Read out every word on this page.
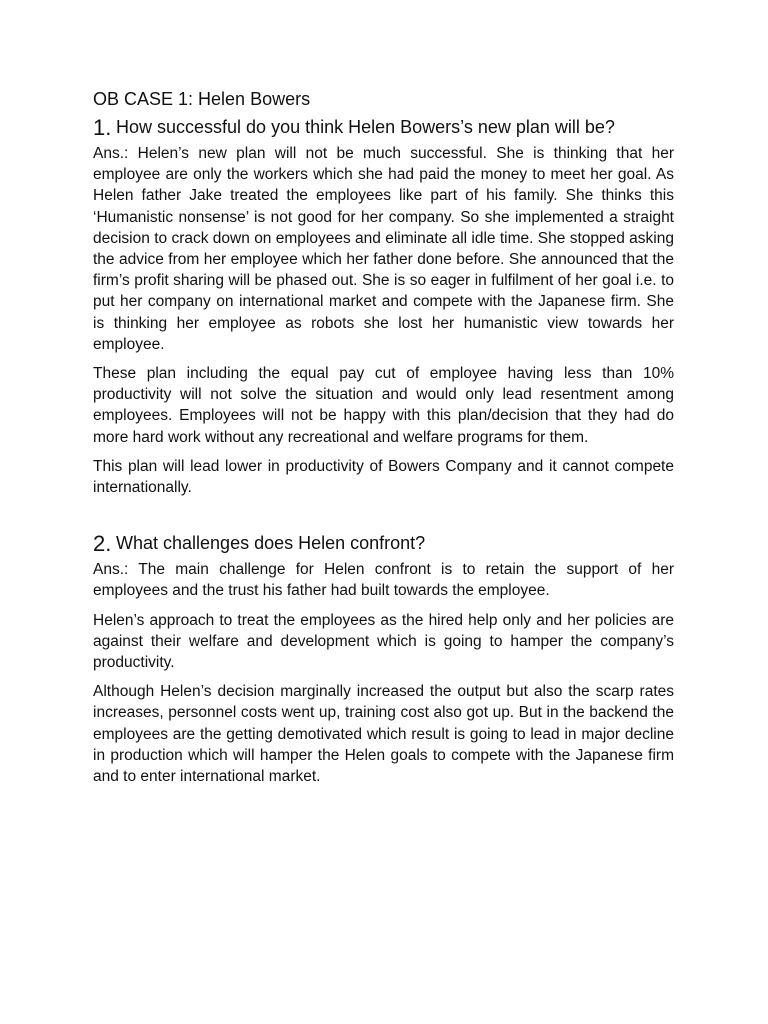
OB CASE 1: Helen Bowers
1. How successful do you think Helen Bowers’s new plan will be?

Ans.: Helen’s new plan will not be much successful. She is thinking that her employee are only the workers which she had paid the money to meet her goal. As Helen father Jake treated the employees like part of his family. She thinks this ‘Humanistic nonsense’ is not good for her company. So she implemented a straight decision to crack down on employees and eliminate all idle time. She stopped asking the advice from her employee which her father done before. She announced that the firm’s profit sharing will be phased out. She is so eager in fulfilment of her goal i.e. to put her company on international market and compete with the Japanese firm. She is thinking her employee as robots she lost her humanistic view towards her employee.

These plan including the equal pay cut of employee having less than 10% productivity will not solve the situation and would only lead resentment among employees. Employees will not be happy with this plan/decision that they had do more hard work without any recreational and welfare programs for them.

This plan will lead lower in productivity of Bowers Company and it cannot compete internationally.

2. What challenges does Helen confront?

Ans.: The main challenge for Helen confront is to retain the support of her employees and the trust his father had built towards the employee.

Helen’s approach to treat the employees as the hired help only and her policies are against their welfare and development which is going to hamper the company’s productivity.

Although Helen’s decision marginally increased the output but also the scarp rates increases, personnel costs went up, training cost also got up. But in the backend the employees are the getting demotivated which result is going to lead in major decline in production which will hamper the Helen goals to compete with the Japanese firm and to enter international market.
